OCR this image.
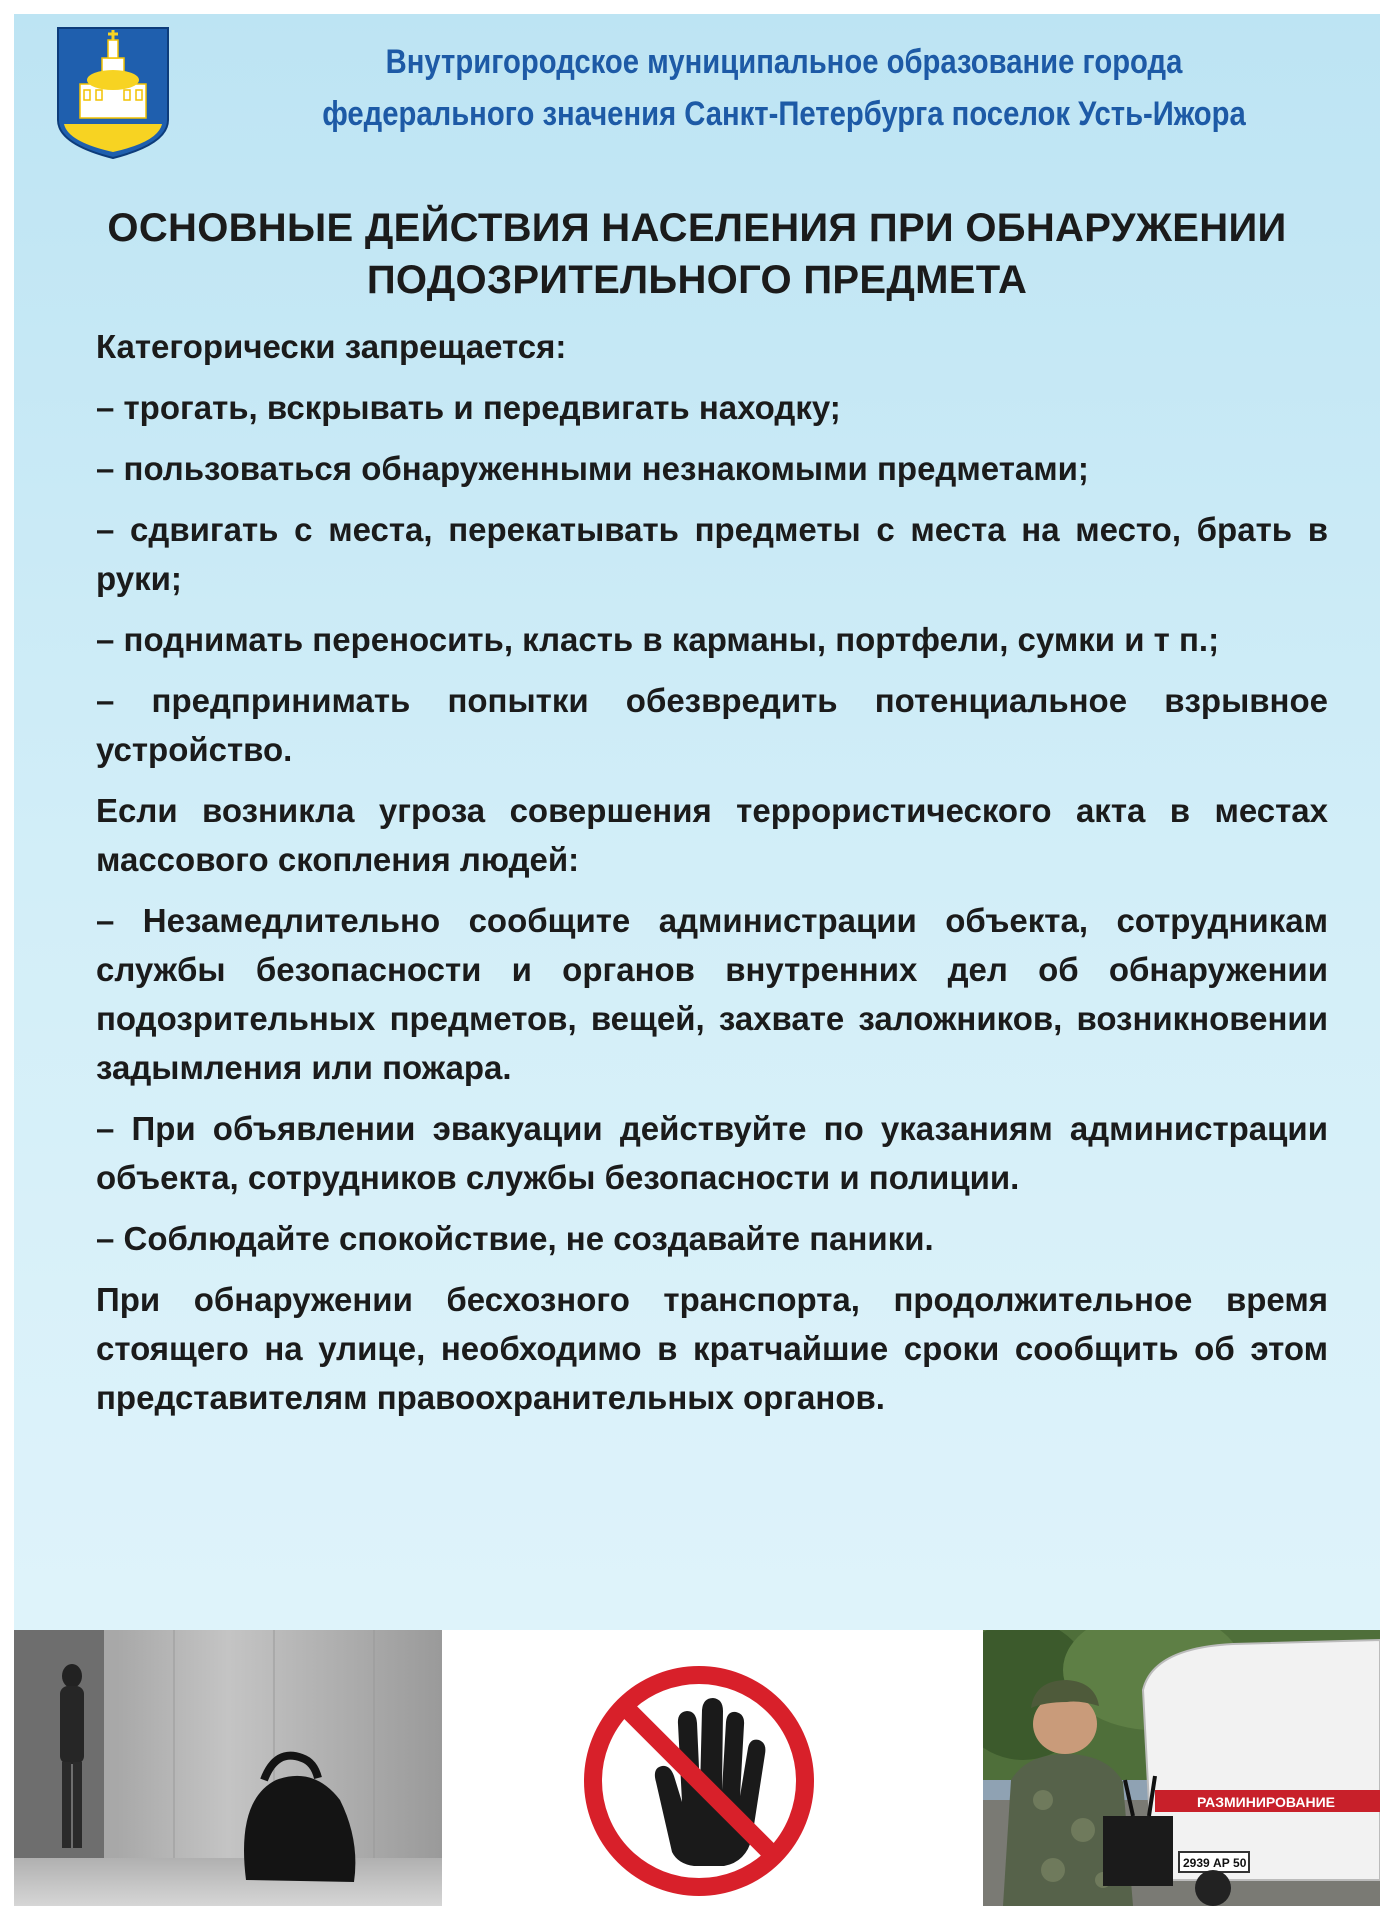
Внутригородское муниципальное образование города
федерального значения Санкт-Петербурга поселок Усть-Ижора
ОСНОВНЫЕ ДЕЙСТВИЯ НАСЕЛЕНИЯ ПРИ ОБНАРУЖЕНИИ
ПОДОЗРИТЕЛЬНОГО ПРЕДМЕТА

Категорически запрещается:

– трогать, вскрывать и передвигать находку;

– пользоваться обнаруженными незнакомыми предметами;

– сдвигать с места, перекатывать предметы с места на место, брать в руки;

– поднимать переносить, класть в карманы, портфели, сумки и т п.;

– предпринимать попытки обезвредить потенциальное взрывное устройство.

Если возникла угроза совершения террористического акта в местах массового скопления людей:

– Незамедлительно сообщите администрации объекта, сотрудникам службы безопасности и органов внутренних дел об обнаружении подозрительных предметов, вещей, захвате заложников, возникновении задымления или пожара.

– При объявлении эвакуации действуйте по указаниям администрации объекта, сотрудников службы безопасности и полиции.

– Соблюдайте спокойствие, не создавайте паники.

При обнаружении бесхозного транспорта, продолжительное время стоящего на улице, необходимо в кратчайшие сроки сообщить об этом представителям правоохранительных органов.

РАЗМИНИРОВАНИЕ
2939 АР 50
